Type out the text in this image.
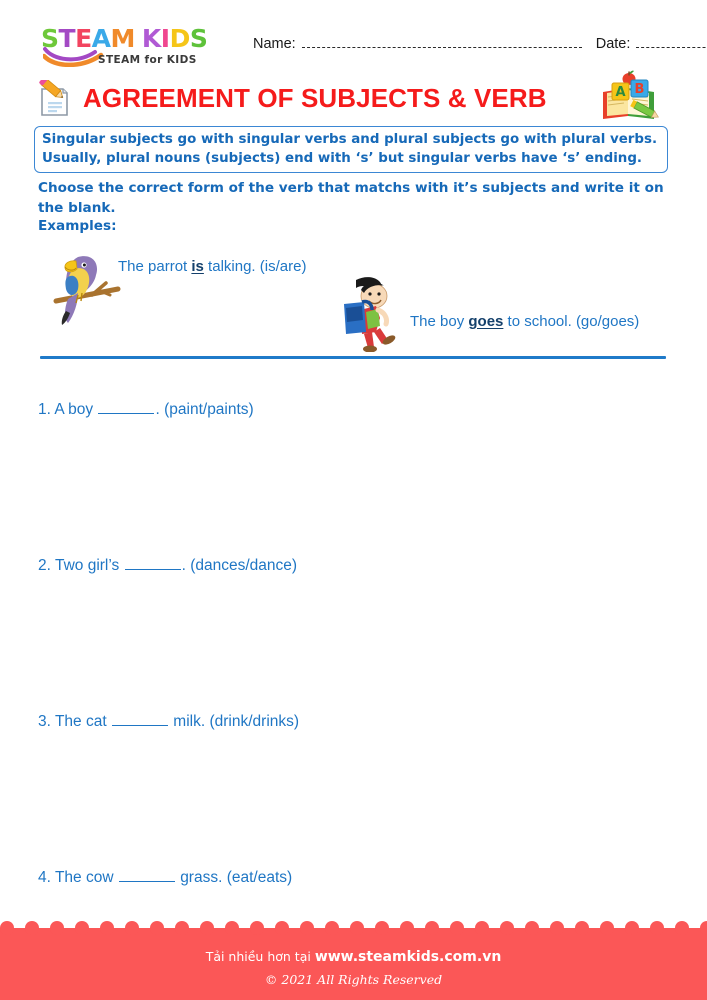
STEAM KIDS
STEAM for KIDS
Name:	Date:
AGREEMENT OF SUBJECTS & VERB	A B
Singular subjects go with singular verbs and plural subjects go with plural verbs.
Usually, plural nouns (subjects) end with ‘s’ but singular verbs have ‘s’ ending.
Choose the correct form of the verb that matchs with it’s subjects and write it on the blank.
Examples:
The parrot is talking. (is/are)
The boy goes to school. (go/goes)
1. A boy	. (paint/paints)
2. Two girl’s	. (dances/dance)
3. The cat	milk. (drink/drinks)
4. The cow	grass. (eat/eats)
Tải nhiều hơn tại www.steamkids.com.vn
© 2021 All Rights Reserved
